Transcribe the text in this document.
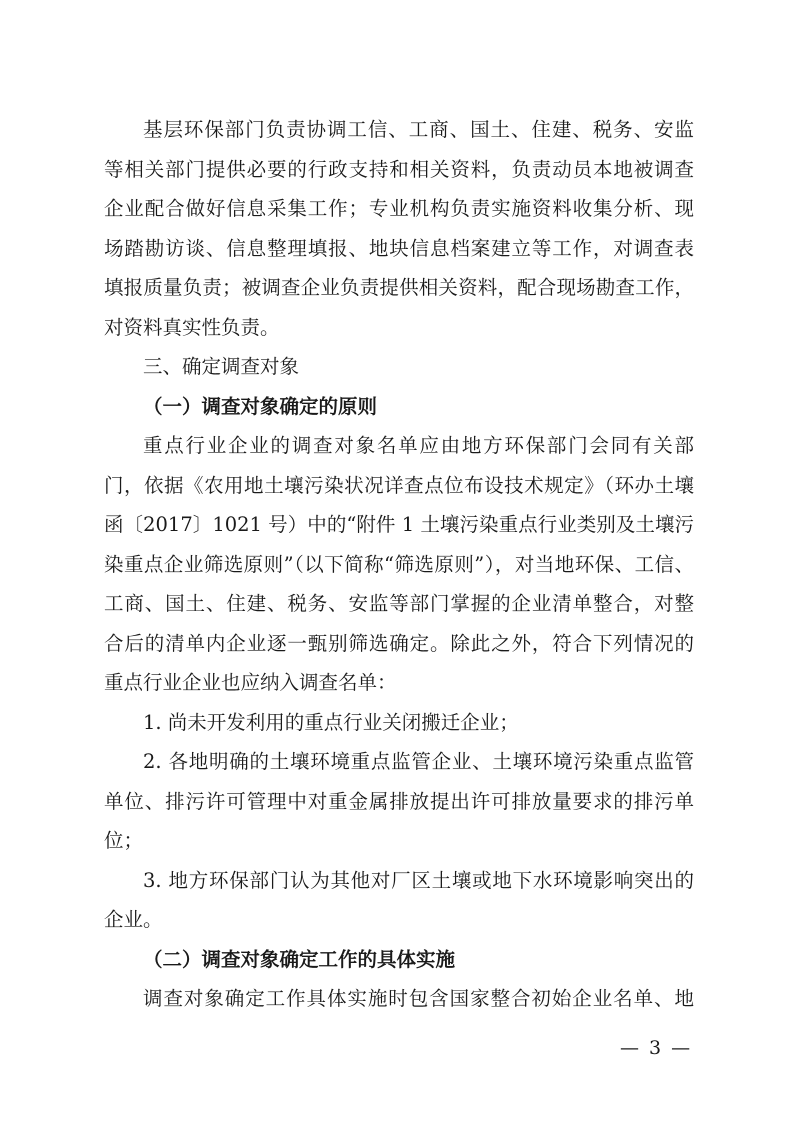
基层环保部门负责协调工信、工商、国土、住建、税务、安监
等相关部门提供必要的行政支持和相关资料，负责动员本地被调查
企业配合做好信息采集工作；专业机构负责实施资料收集分析、现
场踏勘访谈、信息整理填报、地块信息档案建立等工作，对调查表
填报质量负责；被调查企业负责提供相关资料，配合现场勘查工作，
对资料真实性负责。
三、确定调查对象
（一）调查对象确定的原则
重点行业企业的调查对象名单应由地方环保部门会同有关部
门，依据《农用地土壤污染状况详查点位布设技术规定》（环办土壤
函〔2017〕1021 号）中的“附件 1 土壤污染重点行业类别及土壤污
染重点企业筛选原则”（以下简称“筛选原则”），对当地环保、工信、
工商、国土、住建、税务、安监等部门掌握的企业清单整合，对整
合后的清单内企业逐一甄别筛选确定。除此之外，符合下列情况的
重点行业企业也应纳入调查名单：
1. 尚未开发利用的重点行业关闭搬迁企业；
2. 各地明确的土壤环境重点监管企业、土壤环境污染重点监管
单位、排污许可管理中对重金属排放提出许可排放量要求的排污单
位；
3. 地方环保部门认为其他对厂区土壤或地下水环境影响突出的
企业。
（二）调查对象确定工作的具体实施
调查对象确定工作具体实施时包含国家整合初始企业名单、地
— 3 —
